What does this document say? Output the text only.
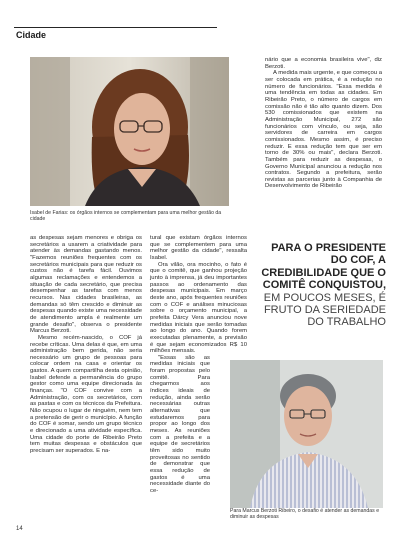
Cidade
Isabel de Farias: os órgãos internos se complementam para uma melhor gestão da cidade

as despesas sejam menores e obriga os secretários a usarem a criatividade para atender às demandas gastando menos. "Fazemos reuniões frequentes com os secretários municipais para que reduzir os custos não é tarefa fácil. Ouvimos algumas reclamações e entendemos a situação de cada secretário, que precisa desempenhar as tarefas com menos recursos. Nas cidades brasileiras, as demandas só têm crescido e diminuir as despesas quando existe uma necessidade de atendimento ampla é realmente um grande desafio", observa o presidente Marcus Berzoti.

Mesmo recém-nascido, o COF já recebe críticas. Uma delas é que, em uma administração bem gerida, não seria necessário um grupo de pessoas para colocar ordem na casa e orientar os gastos. A quem compartilha desta opinião, Isabel defende a permanência do grupo gestor como uma equipe direcionada às finanças. "O COF convive com a Administração, com os secretários, com as pastas e com os técnicos da Prefeitura. Não ocupou o lugar de ninguém, nem tem a pretensão de gerir o município. A função do COF é somar, sendo um grupo técnico e direcionado a uma atividade específica. Uma cidade do porte de Ribeirão Preto tem muitas despesas e obstáculos que precisam ser superados. E na-

tural que existam órgãos internos que se complementem para uma melhor gestão da cidade", ressalta Isabel.

Ora vilão, ora mocinho, o fato é que o comitê, que ganhou projeção junto à imprensa, já deu importantes passos ao ordenamento das despesas municipais. Em março deste ano, após frequentes reuniões com o COF e análises minuciosas sobre o orçamento municipal, a prefeita Dárcy Vera anunciou nove medidas iniciais que serão tomadas ao longo do ano. Quando forem executadas plenamente, a previsão é que sejam economizados R$ 10 milhões mensais.

"Essas são as medidas iniciais que foram propostas pelo comitê. Para chegarmos aos índices ideais de redução, ainda serão necessárias outras alternativas que estudaremos para propor ao longo dos meses. As reuniões com a prefeita e a equipe de secretários têm sido muito proveitosas no sentido de demonstrar que essa redução de gastos é uma necessidade diante do ce-

nário que a economia brasileira vive", diz Berzoti.

A medida mais urgente, e que começou a ser colocada em prática, é a redução no número de funcionários. "Essa medida é uma tendência em todas as cidades. Em Ribeirão Preto, o número de cargos em comissão não é tão alto quanto dizem. Dos 530 comissionados que existem na Administração Municipal, 272 são funcionários com vínculo, ou seja, são servidores de carreira em cargos comissionados. Mesmo assim, é preciso reduzir. E essa redução tem que ser em torno de 30% ou mais", declara Berzoti. Também para reduzir as despesas, o Governo Municipal anunciou a redução nos contratos. Segundo a prefeitura, serão revistas as parcerias junto à Companhia de Desenvolvimento de Ribeirão

PARA O PRESIDENTE DO COF, A CREDIBILIDADE QUE O COMITÊ CONQUISTOU, EM POUCOS MESES, É FRUTO DA SERIEDADE DO TRABALHO
Para Marcus Berzoti Ribeiro, o desafio é atender as demandas e diminuir as despesas
14
